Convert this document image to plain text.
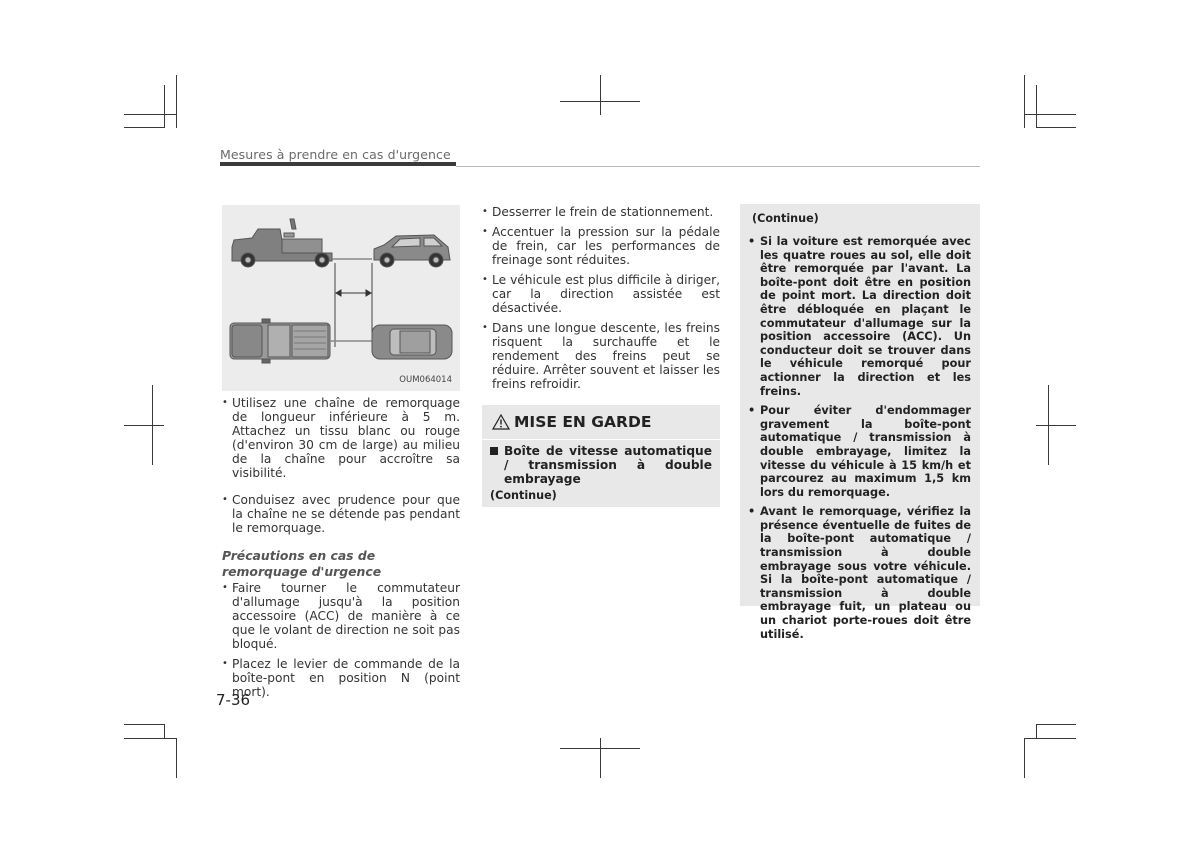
Mesures à prendre en cas d'urgence
OUM064014
• Utilisez une chaîne de remorquage de longueur inférieure à 5 m. Attachez un tissu blanc ou rouge (d'environ 30 cm de large) au milieu de la chaîne pour accroître sa visibilité.
• Conduisez avec prudence pour que la chaîne ne se détende pas pendant le remorquage.
Précautions en cas de remorquage d'urgence
• Faire tourner le commutateur d'allumage jusqu'à la position accessoire (ACC) de manière à ce que le volant de direction ne soit pas bloqué.
• Placez le levier de commande de la boîte-pont en position N (point mort).
• Desserrer le frein de stationnement.
• Accentuer la pression sur la pédale de frein, car les performances de freinage sont réduites.
• Le véhicule est plus difficile à diriger, car la direction assistée est désactivée.
• Dans une longue descente, les freins risquent la surchauffe et le rendement des freins peut se réduire. Arrêter souvent et laisser les freins refroidir.
MISE EN GARDE
Boîte de vitesse automatique / transmission à double embrayage
(Continue)
(Continue)
• Si la voiture est remorquée avec les quatre roues au sol, elle doit être remorquée par l'avant. La boîte-pont doit être en position de point mort. La direction doit être débloquée en plaçant le commutateur d'allumage sur la position accessoire (ACC). Un conducteur doit se trouver dans le véhicule remorqué pour actionner la direction et les freins.
• Pour éviter d'endommager gravement la boîte-pont automatique / transmission à double embrayage, limitez la vitesse du véhicule à 15 km/h et parcourez au maximum 1,5 km lors du remorquage.
• Avant le remorquage, vérifiez la présence éventuelle de fuites de la boîte-pont automatique / transmission à double embrayage sous votre véhicule. Si la boîte-pont automatique / transmission à double embrayage fuit, un plateau ou un chariot porte-roues doit être utilisé.
7-36
